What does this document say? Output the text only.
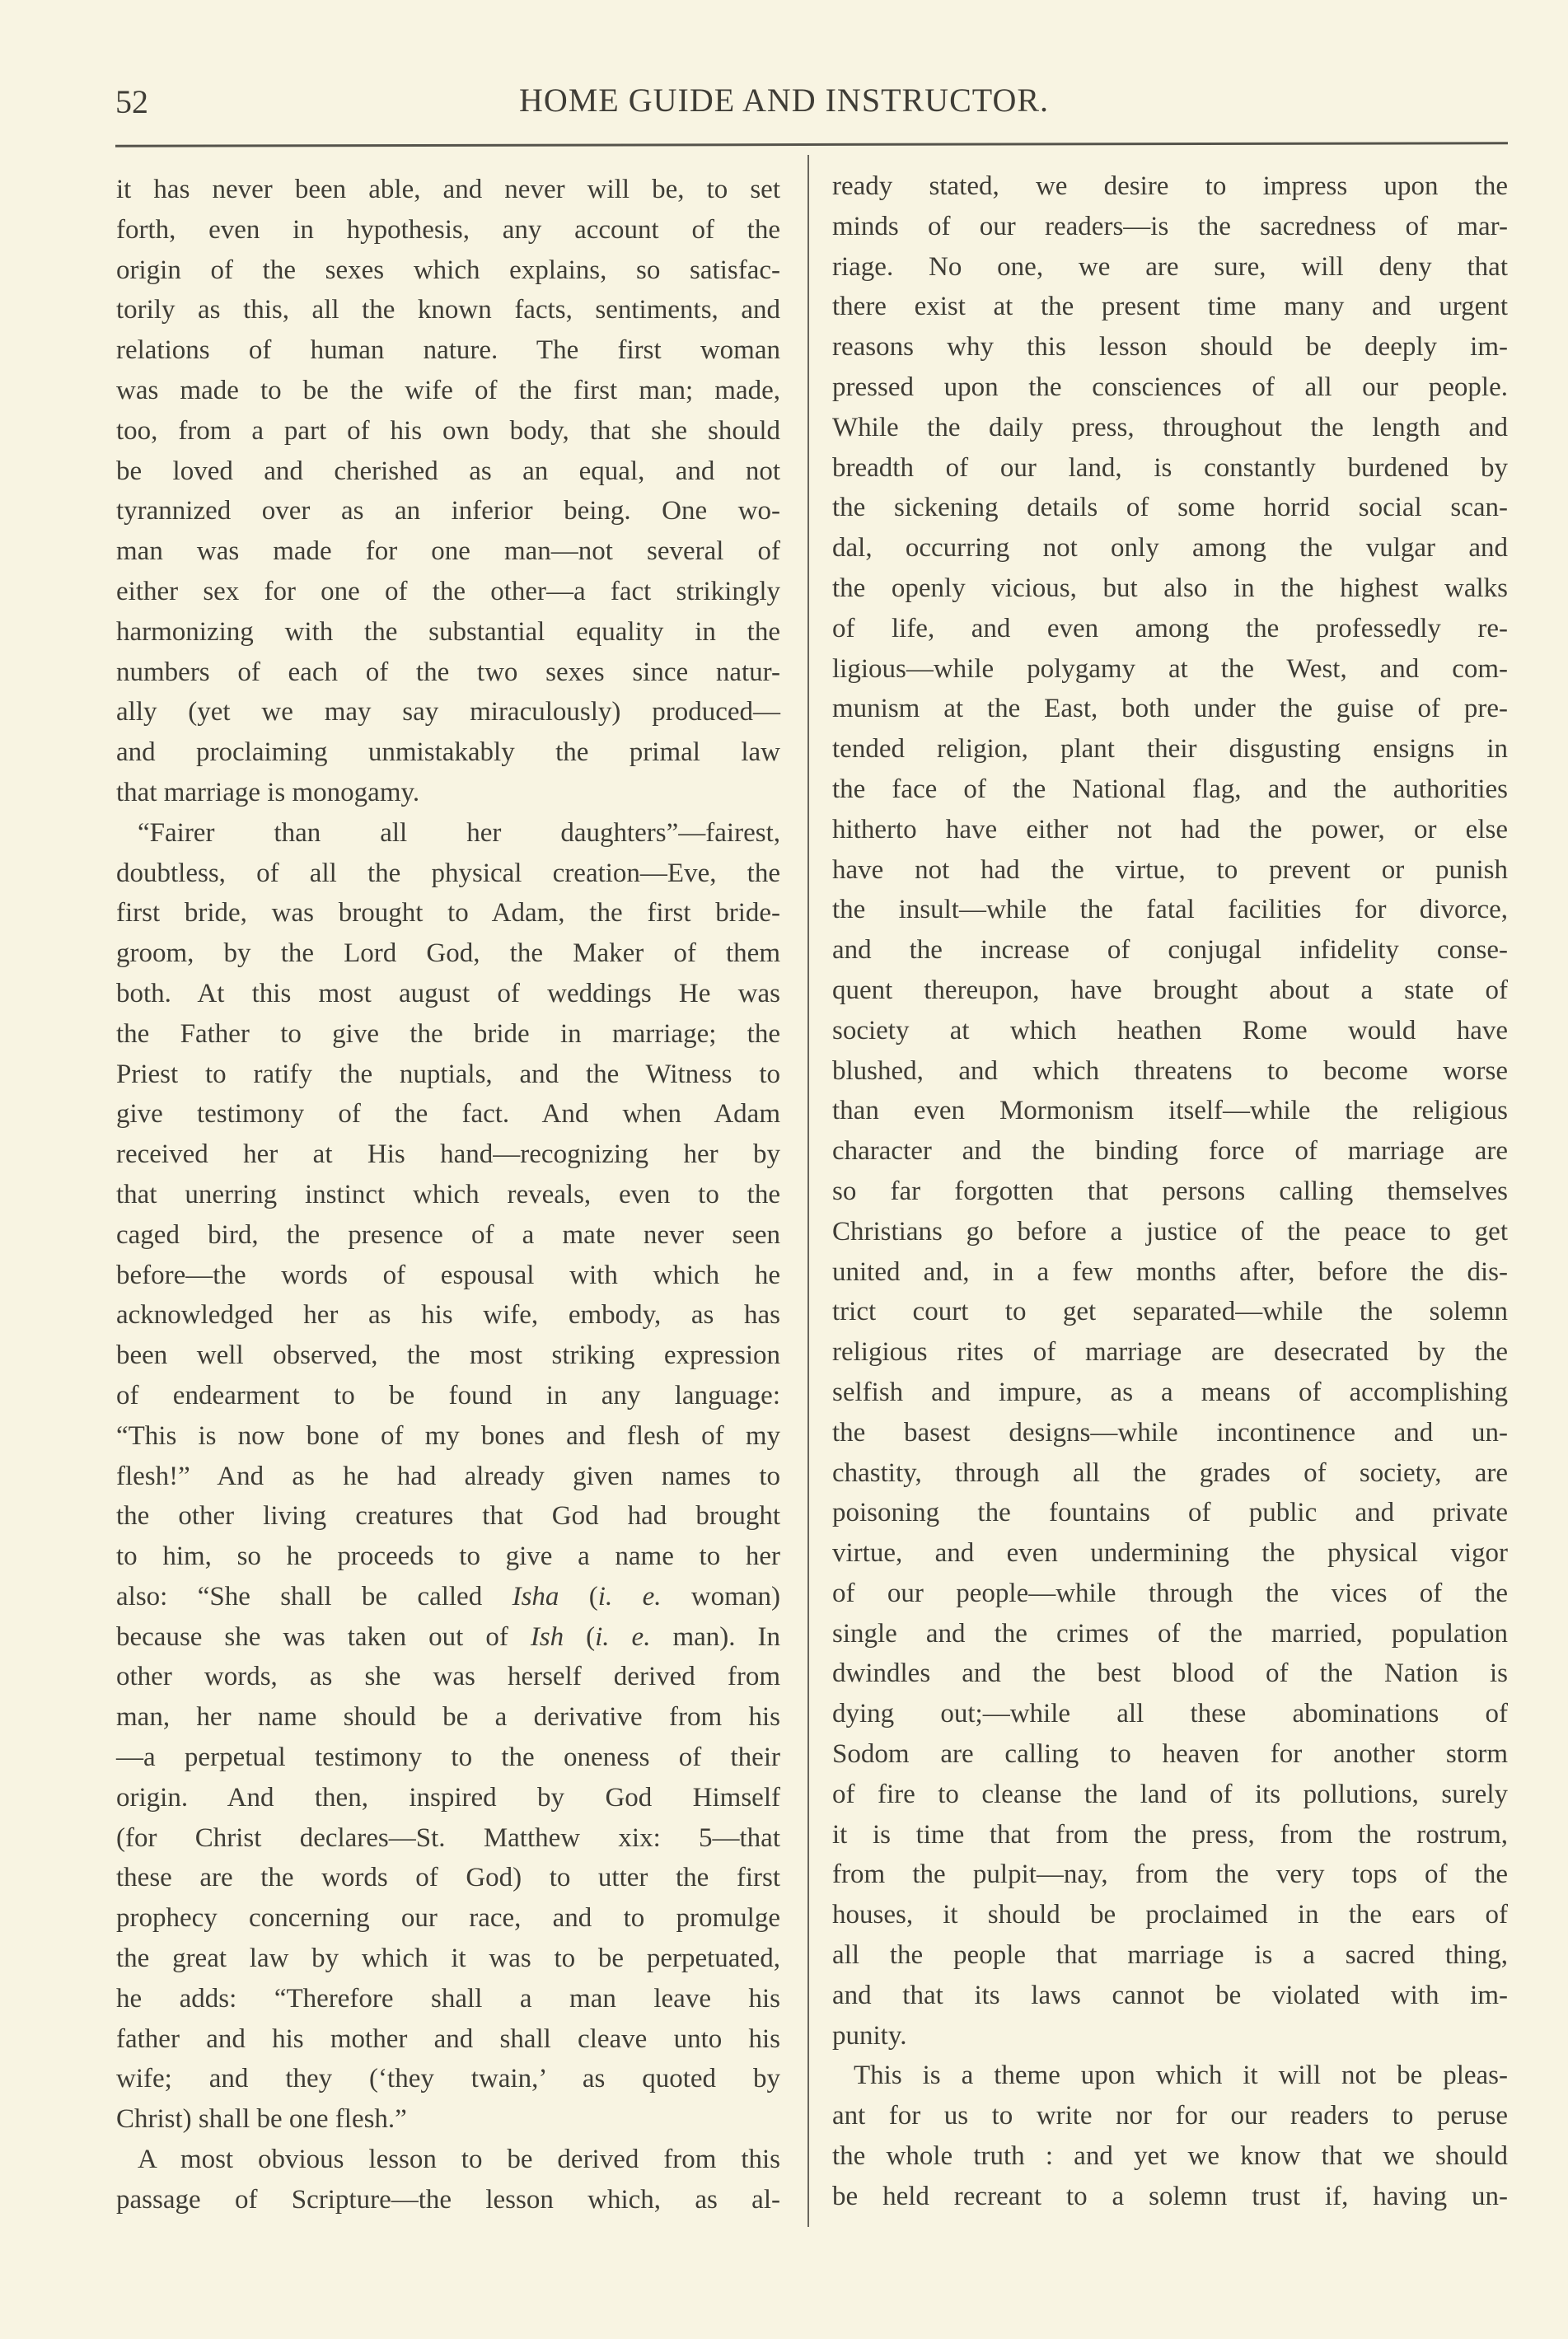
52	HOME GUIDE AND INSTRUCTOR.
it has never been able, and never will be, to set
forth, even in hypothesis, any account of the
origin of the sexes which explains, so satisfac-
torily as this, all the known facts, sentiments, and
relations of human nature. The first woman
was made to be the wife of the first man; made,
too, from a part of his own body, that she should
be loved and cherished as an equal, and not
tyrannized over as an inferior being. One wo-
man was made for one man—not several of
either sex for one of the other—a fact strikingly
harmonizing with the substantial equality in the
numbers of each of the two sexes since natur-
ally (yet we may say miraculously) produced—
and proclaiming unmistakably the primal law
that marriage is monogamy.
“Fairer than all her daughters”—fairest,
doubtless, of all the physical creation—Eve, the
first bride, was brought to Adam, the first bride-
groom, by the Lord God, the Maker of them
both. At this most august of weddings He was
the Father to give the bride in marriage; the
Priest to ratify the nuptials, and the Witness to
give testimony of the fact. And when Adam
received her at His hand—recognizing her by
that unerring instinct which reveals, even to the
caged bird, the presence of a mate never seen
before—the words of espousal with which he
acknowledged her as his wife, embody, as has
been well observed, the most striking expression
of endearment to be found in any language:
“This is now bone of my bones and flesh of my
flesh!” And as he had already given names to
the other living creatures that God had brought
to him, so he proceeds to give a name to her
also: “She shall be called Isha (i. e. woman)
because she was taken out of Ish (i. e. man). In
other words, as she was herself derived from
man, her name should be a derivative from his
—a perpetual testimony to the oneness of their
origin. And then, inspired by God Himself
(for Christ declares—St. Matthew xix: 5—that
these are the words of God) to utter the first
prophecy concerning our race, and to promulge
the great law by which it was to be perpetuated,
he adds: “Therefore shall a man leave his
father and his mother and shall cleave unto his
wife; and they (‘they twain,’ as quoted by
Christ) shall be one flesh.”
A most obvious lesson to be derived from this
passage of Scripture—the lesson which, as al-
ready stated, we desire to impress upon the
minds of our readers—is the sacredness of mar-
riage. No one, we are sure, will deny that
there exist at the present time many and urgent
reasons why this lesson should be deeply im-
pressed upon the consciences of all our people.
While the daily press, throughout the length and
breadth of our land, is constantly burdened by
the sickening details of some horrid social scan-
dal, occurring not only among the vulgar and
the openly vicious, but also in the highest walks
of life, and even among the professedly re-
ligious—while polygamy at the West, and com-
munism at the East, both under the guise of pre-
tended religion, plant their disgusting ensigns in
the face of the National flag, and the authorities
hitherto have either not had the power, or else
have not had the virtue, to prevent or punish
the insult—while the fatal facilities for divorce,
and the increase of conjugal infidelity conse-
quent thereupon, have brought about a state of
society at which heathen Rome would have
blushed, and which threatens to become worse
than even Mormonism itself—while the religious
character and the binding force of marriage are
so far forgotten that persons calling themselves
Christians go before a justice of the peace to get
united and, in a few months after, before the dis-
trict court to get separated—while the solemn
religious rites of marriage are desecrated by the
selfish and impure, as a means of accomplishing
the basest designs—while incontinence and un-
chastity, through all the grades of society, are
poisoning the fountains of public and private
virtue, and even undermining the physical vigor
of our people—while through the vices of the
single and the crimes of the married, population
dwindles and the best blood of the Nation is
dying out;—while all these abominations of
Sodom are calling to heaven for another storm
of fire to cleanse the land of its pollutions, surely
it is time that from the press, from the rostrum,
from the pulpit—nay, from the very tops of the
houses, it should be proclaimed in the ears of
all the people that marriage is a sacred thing,
and that its laws cannot be violated with im-
punity.
This is a theme upon which it will not be pleas-
ant for us to write nor for our readers to peruse
the whole truth : and yet we know that we should
be held recreant to a solemn trust if, having un-
